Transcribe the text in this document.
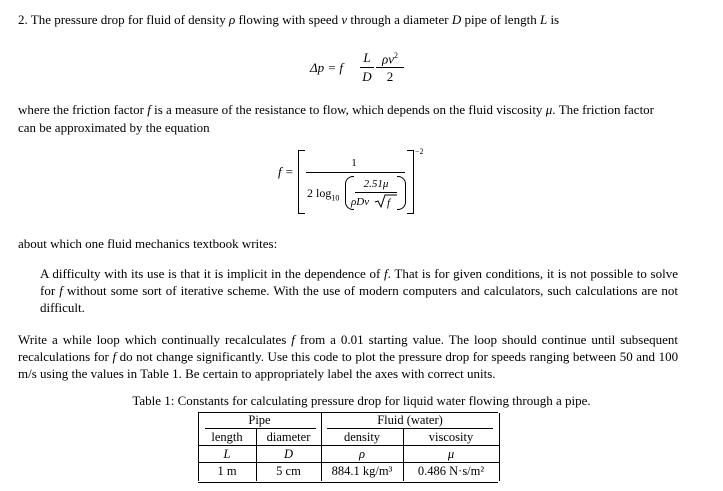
2. The pressure drop for fluid of density ρ flowing with speed v through a diameter D pipe of length L is
Δp = f
L
D
$\rho v^2$
2
where the friction factor f is a measure of the resistance to flow, which depends on the fluid viscosity μ. The friction factor
can be approximated by the equation
f =
−2
1
2 $\log_{10}$
2.51μ
ρDv f
about which one fluid mechanics textbook writes:
A difficulty with its use is that it is implicit in the dependence of f. That is for given conditions, it is not possible to solve for f without some sort of iterative scheme. With the use of modern computers and calculators, such calculations are not difficult.
Write a while loop which continually recalculates f from a 0.01 starting value. The loop should continue until subsequent recalculations for f do not change significantly. Use this code to plot the pressure drop for speeds ranging between 50 and 100 m/s using the values in Table 1. Be certain to appropriately label the axes with correct units.
Table 1: Constants for calculating pressure drop for liquid water flowing through a pipe.
Pipe	Fluid (water)
length	diameter	density	viscosity
L	D	ρ	μ
1 m	5 cm	884.1 kg/m³	0.486 N·s/m²
